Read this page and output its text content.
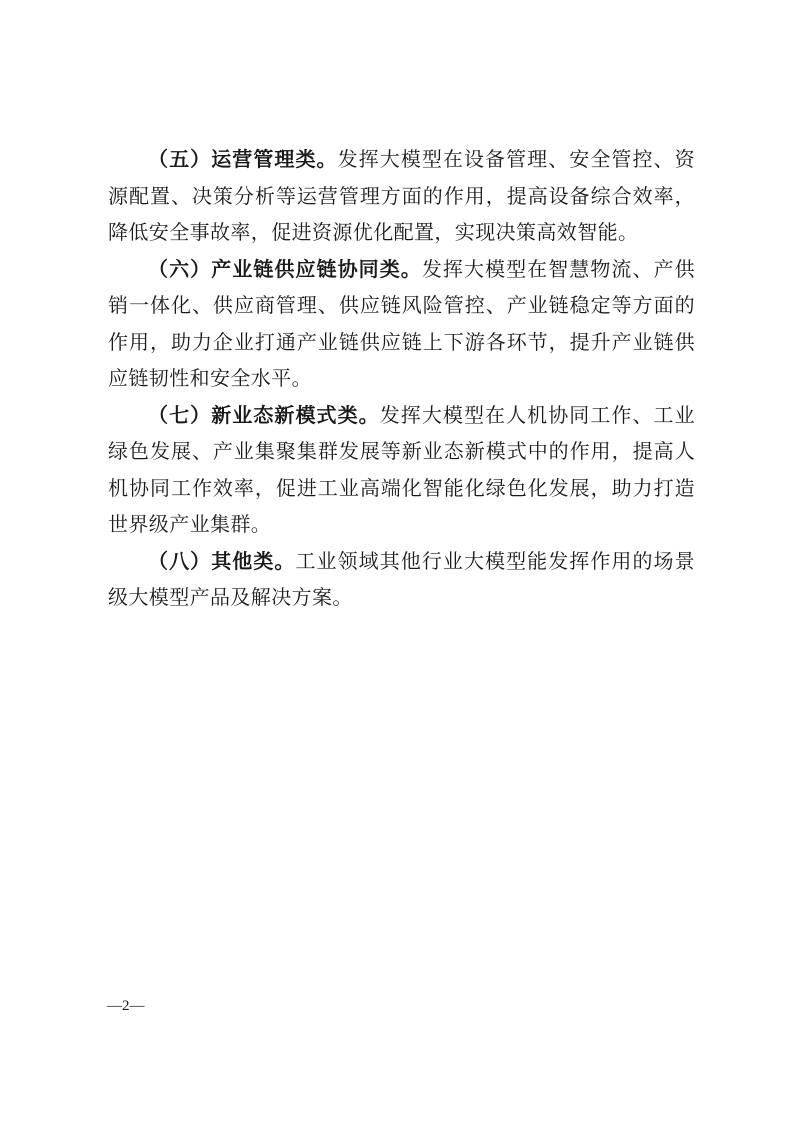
（五）运营管理类。发挥大模型在设备管理、安全管控、资源配置、决策分析等运营管理方面的作用，提高设备综合效率，降低安全事故率，促进资源优化配置，实现决策高效智能。

（六）产业链供应链协同类。发挥大模型在智慧物流、产供销一体化、供应商管理、供应链风险管控、产业链稳定等方面的作用，助力企业打通产业链供应链上下游各环节，提升产业链供应链韧性和安全水平。

（七）新业态新模式类。发挥大模型在人机协同工作、工业绿色发展、产业集聚集群发展等新业态新模式中的作用，提高人机协同工作效率，促进工业高端化智能化绿色化发展，助力打造世界级产业集群。

（八）其他类。工业领域其他行业大模型能发挥作用的场景级大模型产品及解决方案。

—2—
